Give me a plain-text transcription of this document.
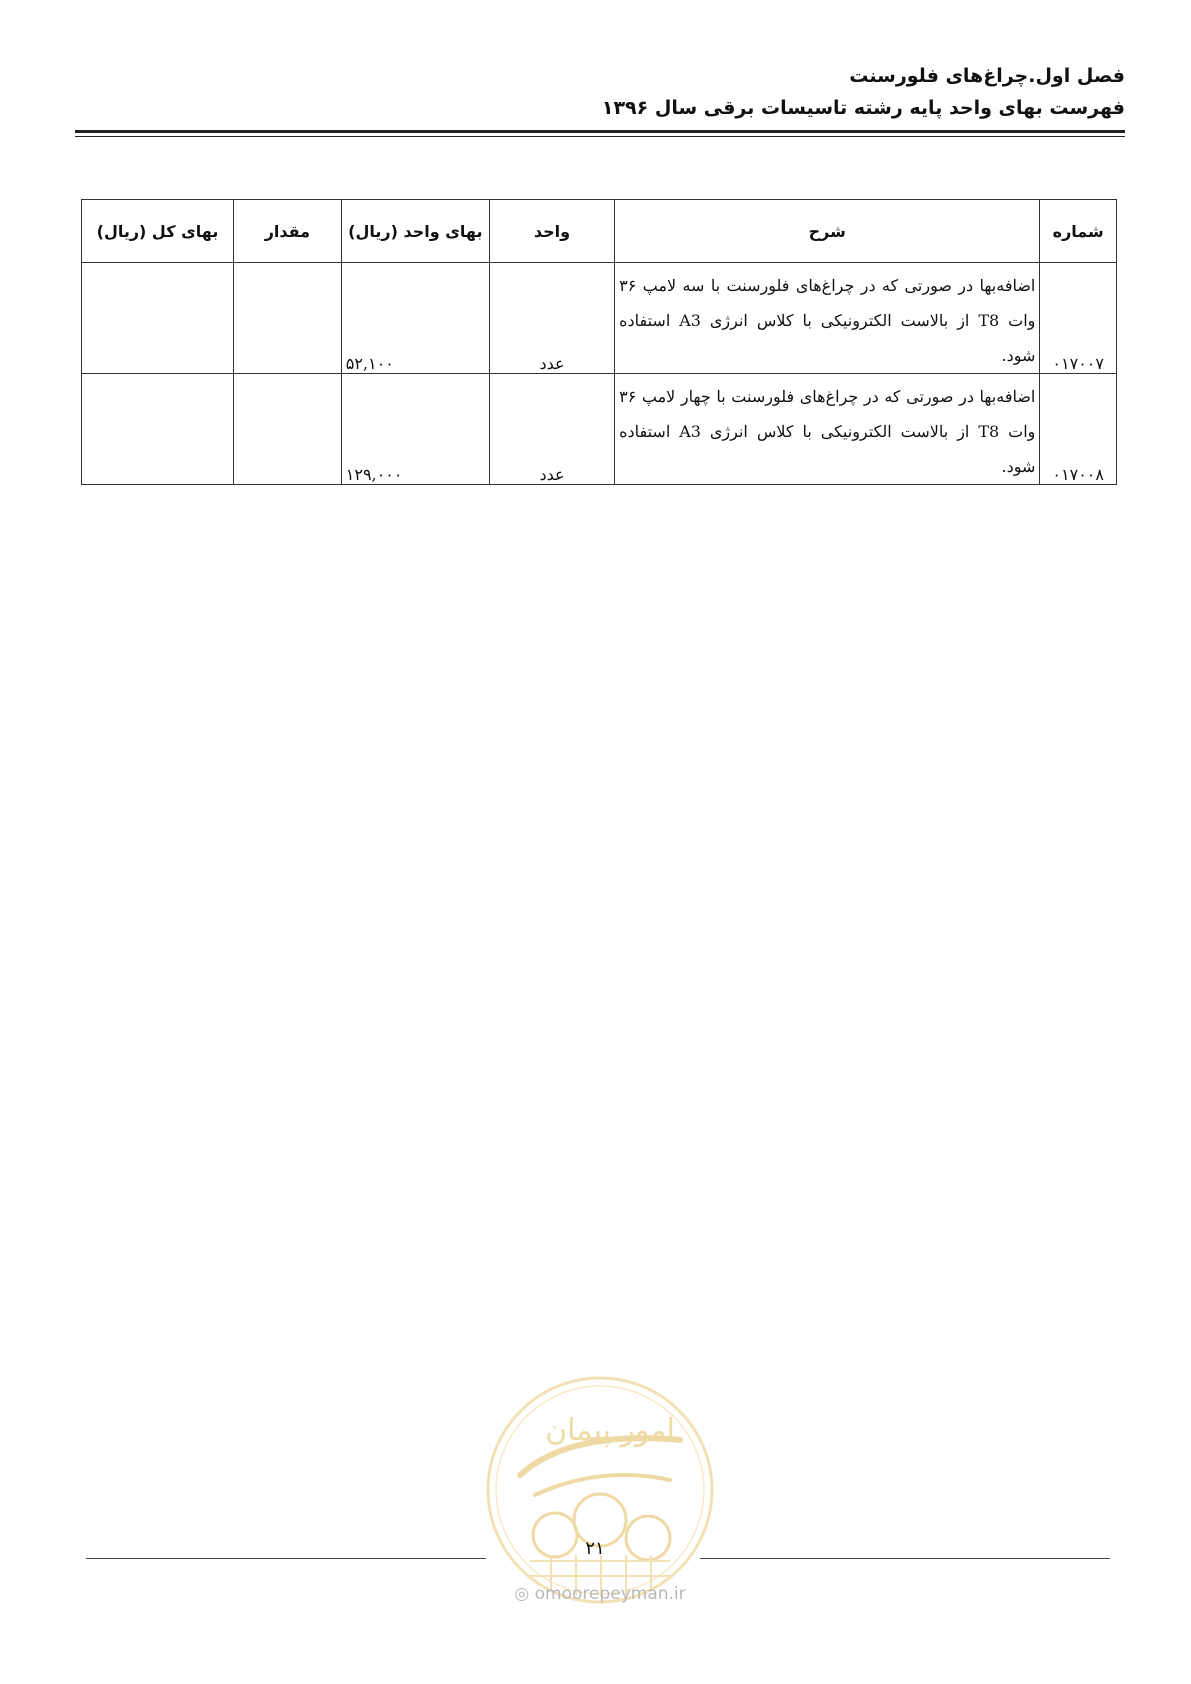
فصل اول.چراغ‌های فلورسنت
فهرست بهای واحد پایه رشته تاسیسات برقی سال ۱۳۹۶
شماره	شرح	واحد	بهای واحد (ریال)	مقدار	بهای کل (ریال)
۰۱۷۰۰۷	اضافه‌بها در صورتی که در چراغ‌های فلورسنت با سه لامپ ۳۶ وات T8 از بالاست الکترونیکی با کلاس انرژی A3 استفاده شود.	عدد	۵۲,۱۰۰		
۰۱۷۰۰۸	اضافه‌بها در صورتی که در چراغ‌های فلورسنت با چهار لامپ ۳۶ وات T8 از بالاست الکترونیکی با کلاس انرژی A3 استفاده شود.	عدد	۱۲۹,۰۰۰		
امور پیمان
۲۱
◎ omoorepeyman.ir
